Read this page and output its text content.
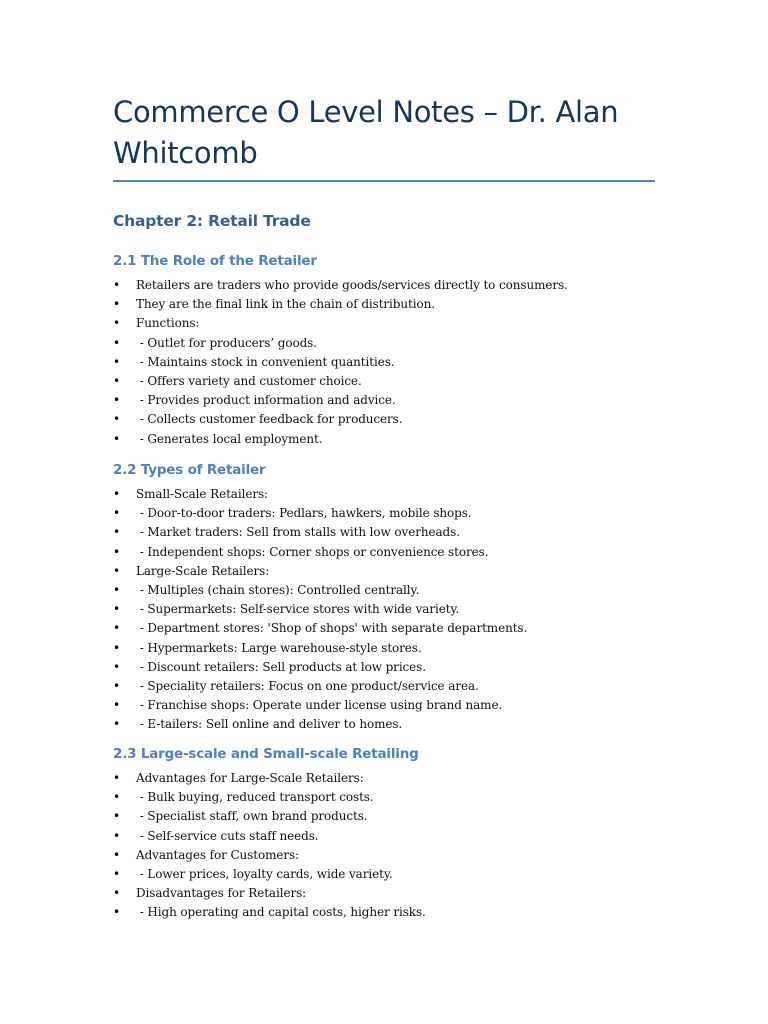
Commerce O Level Notes – Dr. Alan Whitcomb
Chapter 2: Retail Trade
2.1 The Role of the Retailer
• Retailers are traders who provide goods/services directly to consumers.
• They are the final link in the chain of distribution.
• Functions:
• - Outlet for producers’ goods.
• - Maintains stock in convenient quantities.
• - Offers variety and customer choice.
• - Provides product information and advice.
• - Collects customer feedback for producers.
• - Generates local employment.
2.2 Types of Retailer
• Small-Scale Retailers:
• - Door-to-door traders: Pedlars, hawkers, mobile shops.
• - Market traders: Sell from stalls with low overheads.
• - Independent shops: Corner shops or convenience stores.
• Large-Scale Retailers:
• - Multiples (chain stores): Controlled centrally.
• - Supermarkets: Self-service stores with wide variety.
• - Department stores: 'Shop of shops' with separate departments.
• - Hypermarkets: Large warehouse-style stores.
• - Discount retailers: Sell products at low prices.
• - Speciality retailers: Focus on one product/service area.
• - Franchise shops: Operate under license using brand name.
• - E-tailers: Sell online and deliver to homes.
2.3 Large-scale and Small-scale Retailing
• Advantages for Large-Scale Retailers:
• - Bulk buying, reduced transport costs.
• - Specialist staff, own brand products.
• - Self-service cuts staff needs.
• Advantages for Customers:
• - Lower prices, loyalty cards, wide variety.
• Disadvantages for Retailers:
• - High operating and capital costs, higher risks.
